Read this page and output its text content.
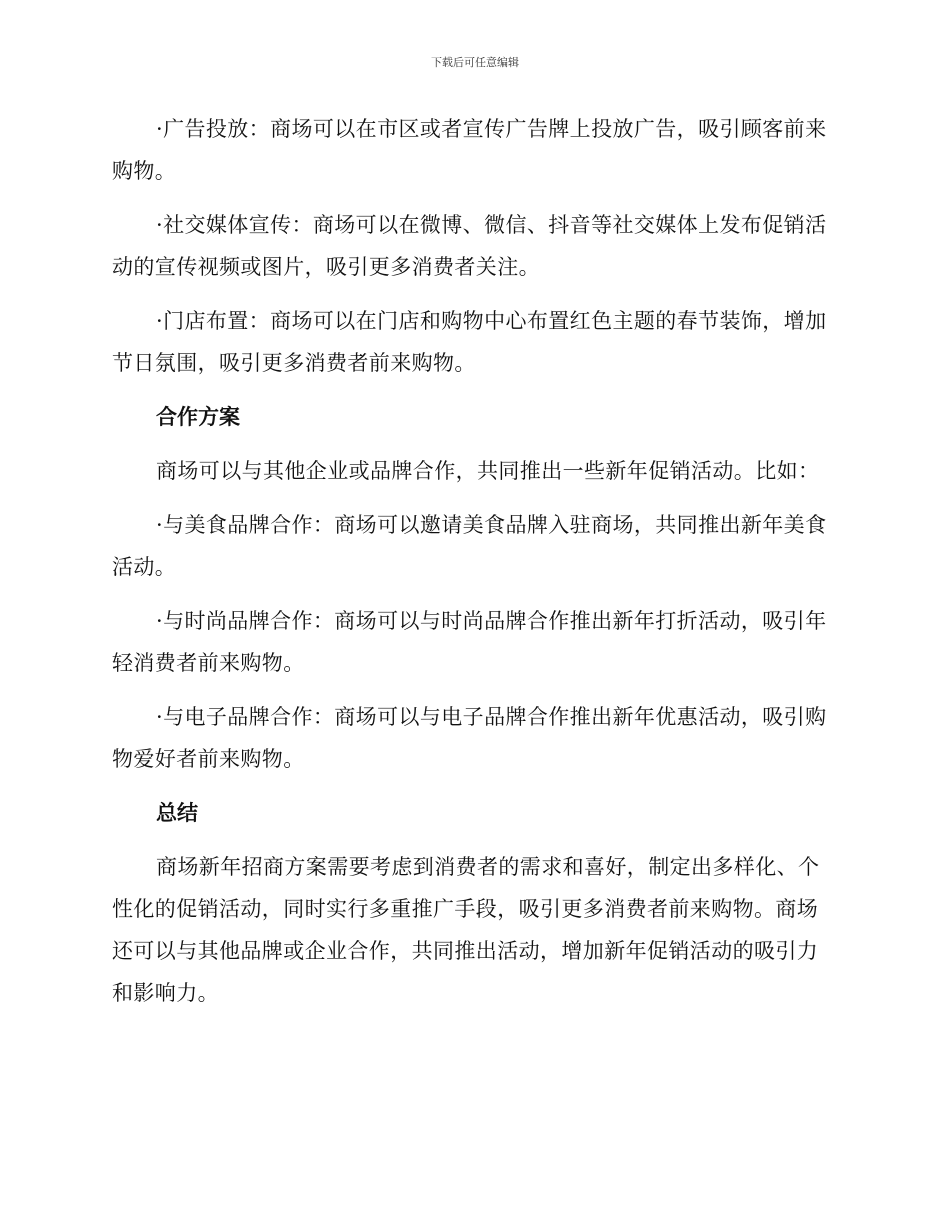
下载后可任意编辑

·广告投放：商场可以在市区或者宣传广告牌上投放广告，吸引顾客前来购物。

·社交媒体宣传：商场可以在微博、微信、抖音等社交媒体上发布促销活动的宣传视频或图片，吸引更多消费者关注。

·门店布置：商场可以在门店和购物中心布置红色主题的春节装饰，增加节日氛围，吸引更多消费者前来购物。

合作方案

商场可以与其他企业或品牌合作，共同推出一些新年促销活动。比如：

·与美食品牌合作：商场可以邀请美食品牌入驻商场，共同推出新年美食活动。

·与时尚品牌合作：商场可以与时尚品牌合作推出新年打折活动，吸引年轻消费者前来购物。

·与电子品牌合作：商场可以与电子品牌合作推出新年优惠活动，吸引购物爱好者前来购物。

总结

商场新年招商方案需要考虑到消费者的需求和喜好，制定出多样化、个性化的促销活动，同时实行多重推广手段，吸引更多消费者前来购物。商场还可以与其他品牌或企业合作，共同推出活动，增加新年促销活动的吸引力和影响力。
